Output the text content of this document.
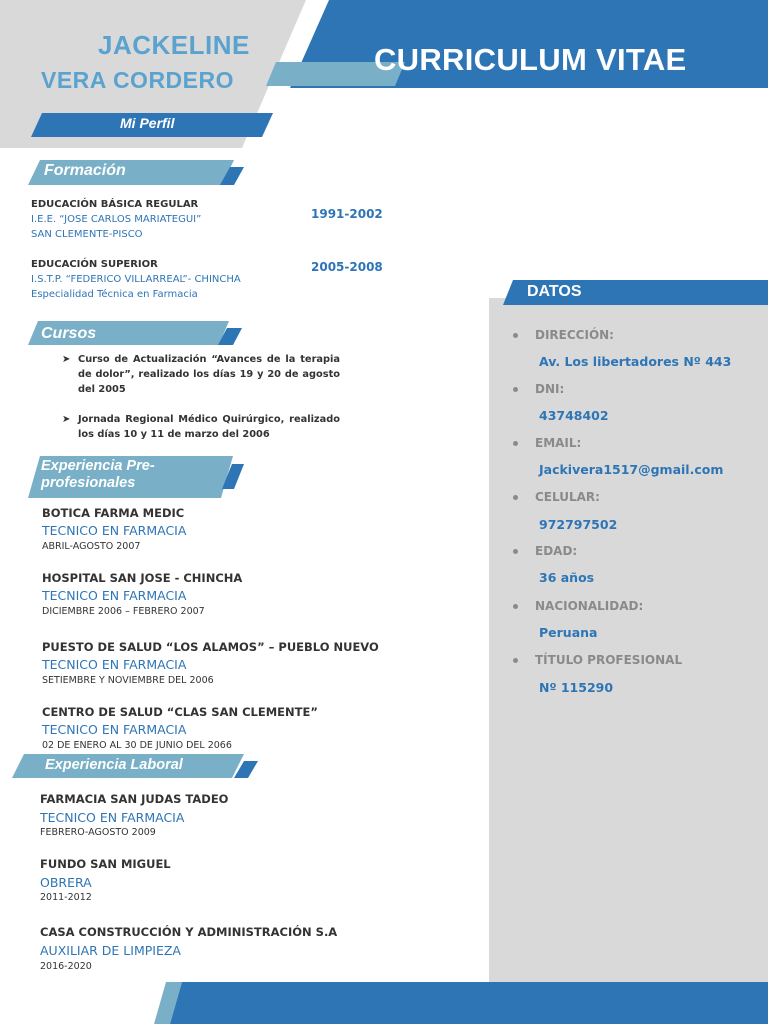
JACKELINE
VERA CORDERO
CURRICULUM VITAE
Mi Perfil
Formación
EDUCACIÓN BÁSICA REGULAR
I.E.E. “JOSE CARLOS MARIATEGUI”
SAN CLEMENTE-PISCO
1991-2002
EDUCACIÓN SUPERIOR
I.S.T.P. “FEDERICO VILLARREAL”- CHINCHA
Especialidad Técnica en Farmacia
2005-2008
Cursos
➤ Curso de Actualización “Avances de la terapia de dolor”, realizado los días 19 y 20 de agosto del 2005
➤ Jornada Regional Médico Quirúrgico, realizado los días 10 y 11 de marzo del 2006
Experiencia Pre-
profesionales
BOTICA FARMA MEDIC
TECNICO EN FARMACIA
ABRIL-AGOSTO 2007
HOSPITAL SAN JOSE - CHINCHA
TECNICO EN FARMACIA
DICIEMBRE 2006 – FEBRERO 2007
PUESTO DE SALUD “LOS ALAMOS” – PUEBLO NUEVO
TECNICO EN FARMACIA
SETIEMBRE Y NOVIEMBRE DEL 2006
CENTRO DE SALUD “CLAS SAN CLEMENTE”
TECNICO EN FARMACIA
02 DE ENERO AL 30 DE JUNIO DEL 2066
Experiencia Laboral
FARMACIA SAN JUDAS TADEO
TECNICO EN FARMACIA
FEBRERO-AGOSTO 2009
FUNDO SAN MIGUEL
OBRERA
2011-2012
CASA CONSTRUCCIÓN Y ADMINISTRACIÓN S.A
AUXILIAR DE LIMPIEZA
2016-2020
DATOS
DIRECCIÓN:
Av. Los libertadores Nº 443
DNI:
43748402
EMAIL:
Jackivera1517@gmail.com
CELULAR:
972797502
EDAD:
36 años
NACIONALIDAD:
Peruana
TÍTULO PROFESIONAL
Nº 115290
